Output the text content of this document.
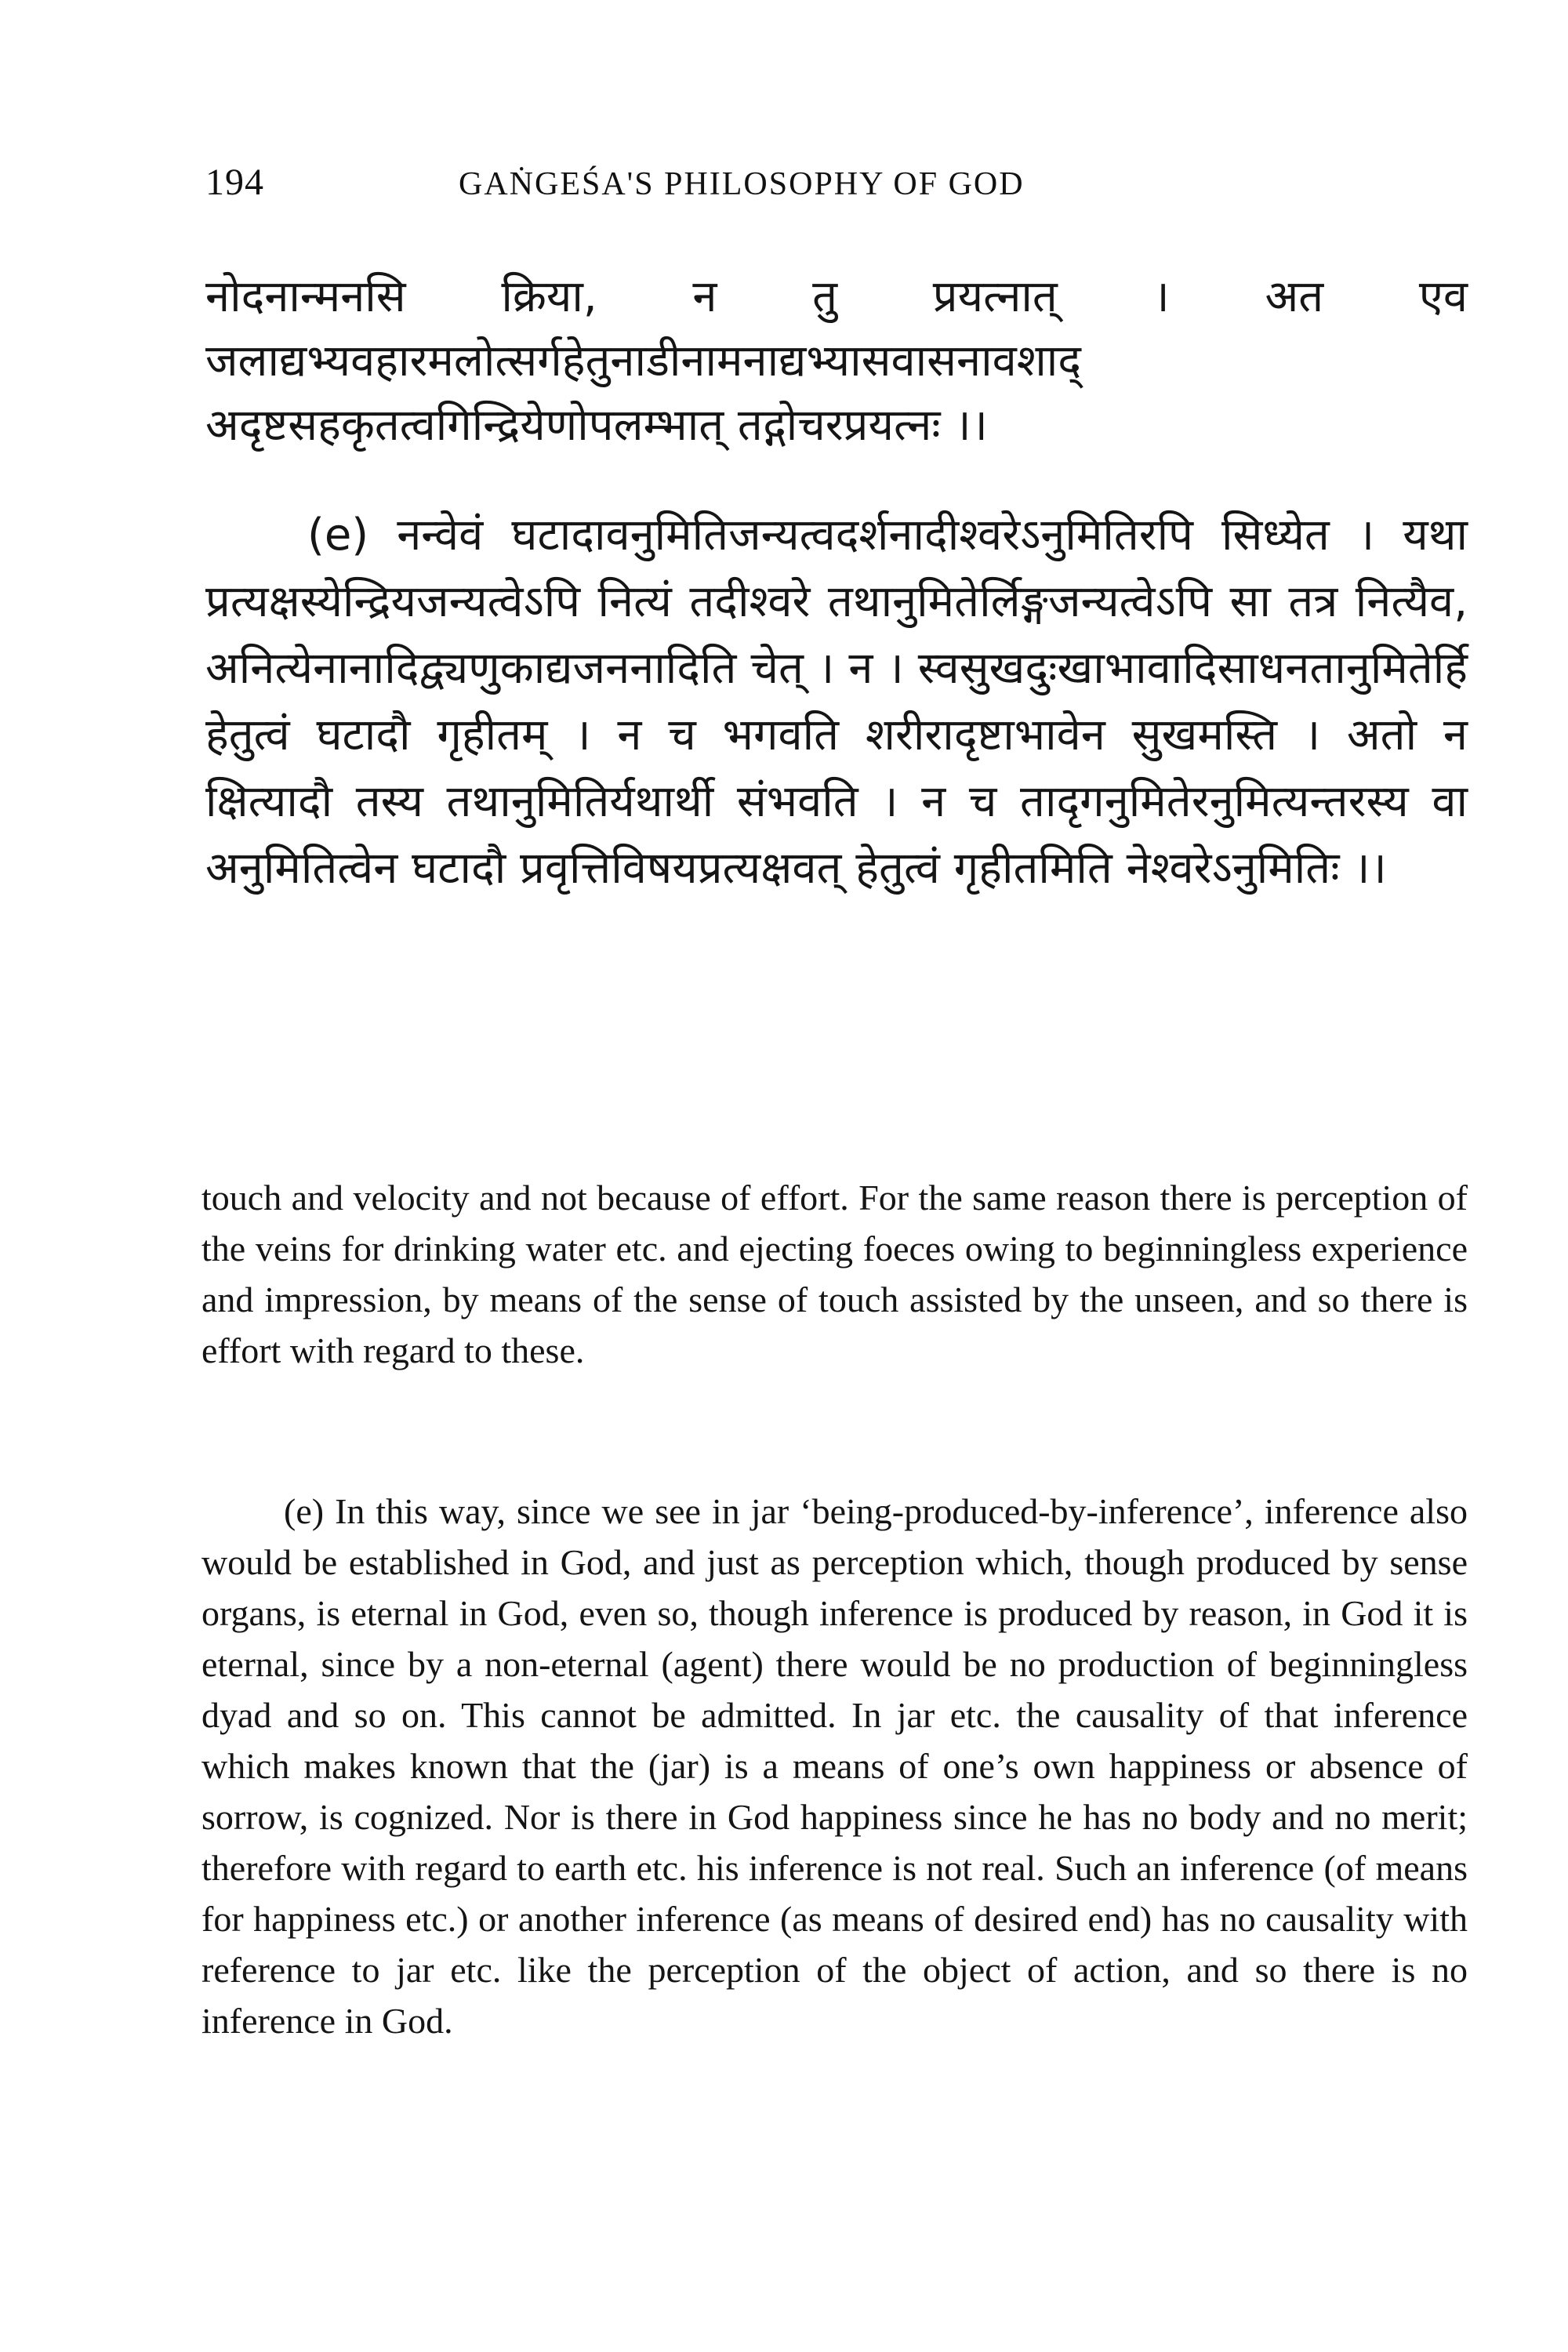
194	GAṄGEŚA'S PHILOSOPHY OF GOD
नोदनान्मनसि क्रिया, न तु प्रयत्नात् । अत एव जलाद्यभ्यवहारमलोत्सर्गहेतुनाडीनामनाद्यभ्यासवासनावशाद् अदृष्टसहकृतत्वगिन्द्रियेणोपलम्भात् तद्गोचरप्रयत्नः ।।
(e) नन्वेवं घटादावनुमितिजन्यत्वदर्शनादीश्वरेऽनुमितिरपि सिध्येत । यथा प्रत्यक्षस्येन्द्रियजन्यत्वेऽपि नित्यं तदीश्वरे तथानुमितेर्लिङ्गजन्यत्वेऽपि सा तत्र नित्यैव, अनित्येनानादिद्व्यणुकाद्यजननादिति चेत् । न । स्वसुखदुःखाभावादिसाधनतानुमितेर्हि हेतुत्वं घटादौ गृहीतम् । न च भगवति शरीरादृष्टाभावेन सुखमस्ति । अतो न क्षित्यादौ तस्य तथानुमितिर्यथार्थी संभवति । न च तादृगनुमितेरनुमित्यन्तरस्य वा अनुमितित्वेन घटादौ प्रवृत्तिविषयप्रत्यक्षवत् हेतुत्वं गृहीतमिति नेश्वरेऽनुमितिः ।।
touch and velocity and not because of effort. For the same reason there is perception of the veins for drinking water etc. and ejecting foeces owing to beginningless experience and impression, by means of the sense of touch assisted by the unseen, and so there is effort with regard to these.
(e) In this way, since we see in jar ‘being-produced-by-inference’, inference also would be established in God, and just as perception which, though produced by sense organs, is eternal in God, even so, though inference is produced by reason, in God it is eternal, since by a non-eternal (agent) there would be no production of beginningless dyad and so on. This cannot be admitted. In jar etc. the causality of that inference which makes known that the (jar) is a means of one’s own happiness or absence of sorrow, is cognized. Nor is there in God happiness since he has no body and no merit; therefore with regard to earth etc. his inference is not real. Such an inference (of means for happiness etc.) or another inference (as means of desired end) has no causality with reference to jar etc. like the perception of the object of action, and so there is no inference in God.
